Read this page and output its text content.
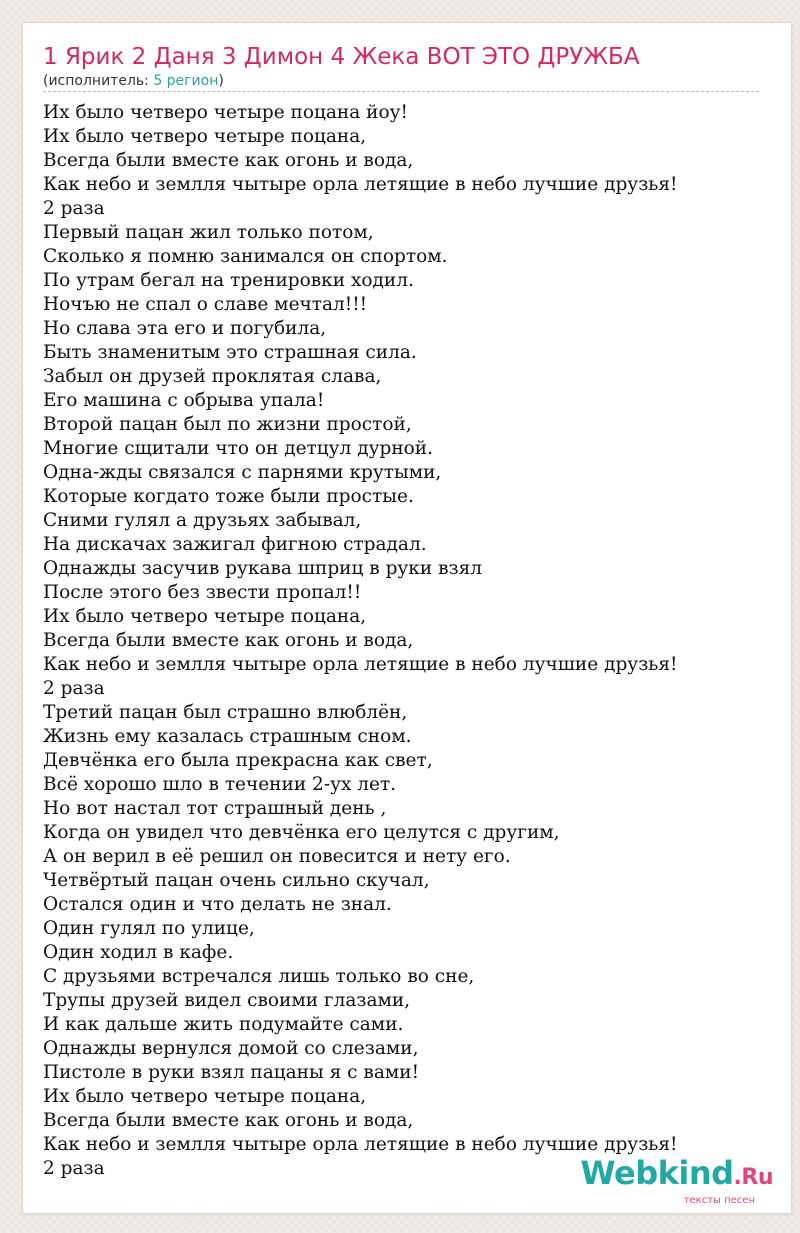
1 Ярик 2 Даня 3 Димон 4 Жека ВОТ ЭТО ДРУЖБА
(исполнитель: 5 регион)
Их было четверо четыре поцана йоу!
Их было четверо четыре поцана,
Всегда были вместе как огонь и вода,
Как небо и землля чытыре орла летящие в небо лучшие друзья!
2 раза
Первый пацан жил только потом,
Сколько я помню занимался он спортом.
По утрам бегал на тренировки ходил.
Ночъю не спал о славе мечтал!!!
Но слава эта его и погубила,
Быть знаменитым это страшная сила.
Забыл он друзей проклятая слава,
Его машина с обрыва упала!
Второй пацан был по жизни простой,
Многие сщитали что он детцул дурной.
Одна-жды связался с парнями крутыми,
Которые когдато тоже были простые.
Сними гулял а друзьях забывал,
На дискачах зажигал фигною страдал.
Однажды засучив рукава шприц в руки взял
После этого без звести пропал!!
Их было четверо четыре поцана,
Всегда были вместе как огонь и вода,
Как небо и землля чытыре орла летящие в небо лучшие друзья!
2 раза
Третий пацан был страшно влюблён,
Жизнь ему казалась страшным сном.
Девчёнка его была прекрасна как свет,
Всё хорошо шло в течении 2-ух лет.
Но вот настал тот страшный день ,
Когда он увидел что девчёнка его целутся с другим,
А он верил в её решил он повесится и нету его.
Четвёртый пацан очень сильно скучал,
Остался один и что делать не знал.
Один гулял по улице,
Один ходил в кафе.
С друзьями встречался лишь только во сне,
Трупы друзей видел своими глазами,
И как дальше жить подумайте сами.
Однажды вернулся домой со слезами,
Пистоле в руки взял пацаны я с вами!
Их было четверо четыре поцана,
Всегда были вместе как огонь и вода,
Как небо и землля чытыре орла летящие в небо лучшие друзья!
2 раза	Webkind.Ru
тексты песен
